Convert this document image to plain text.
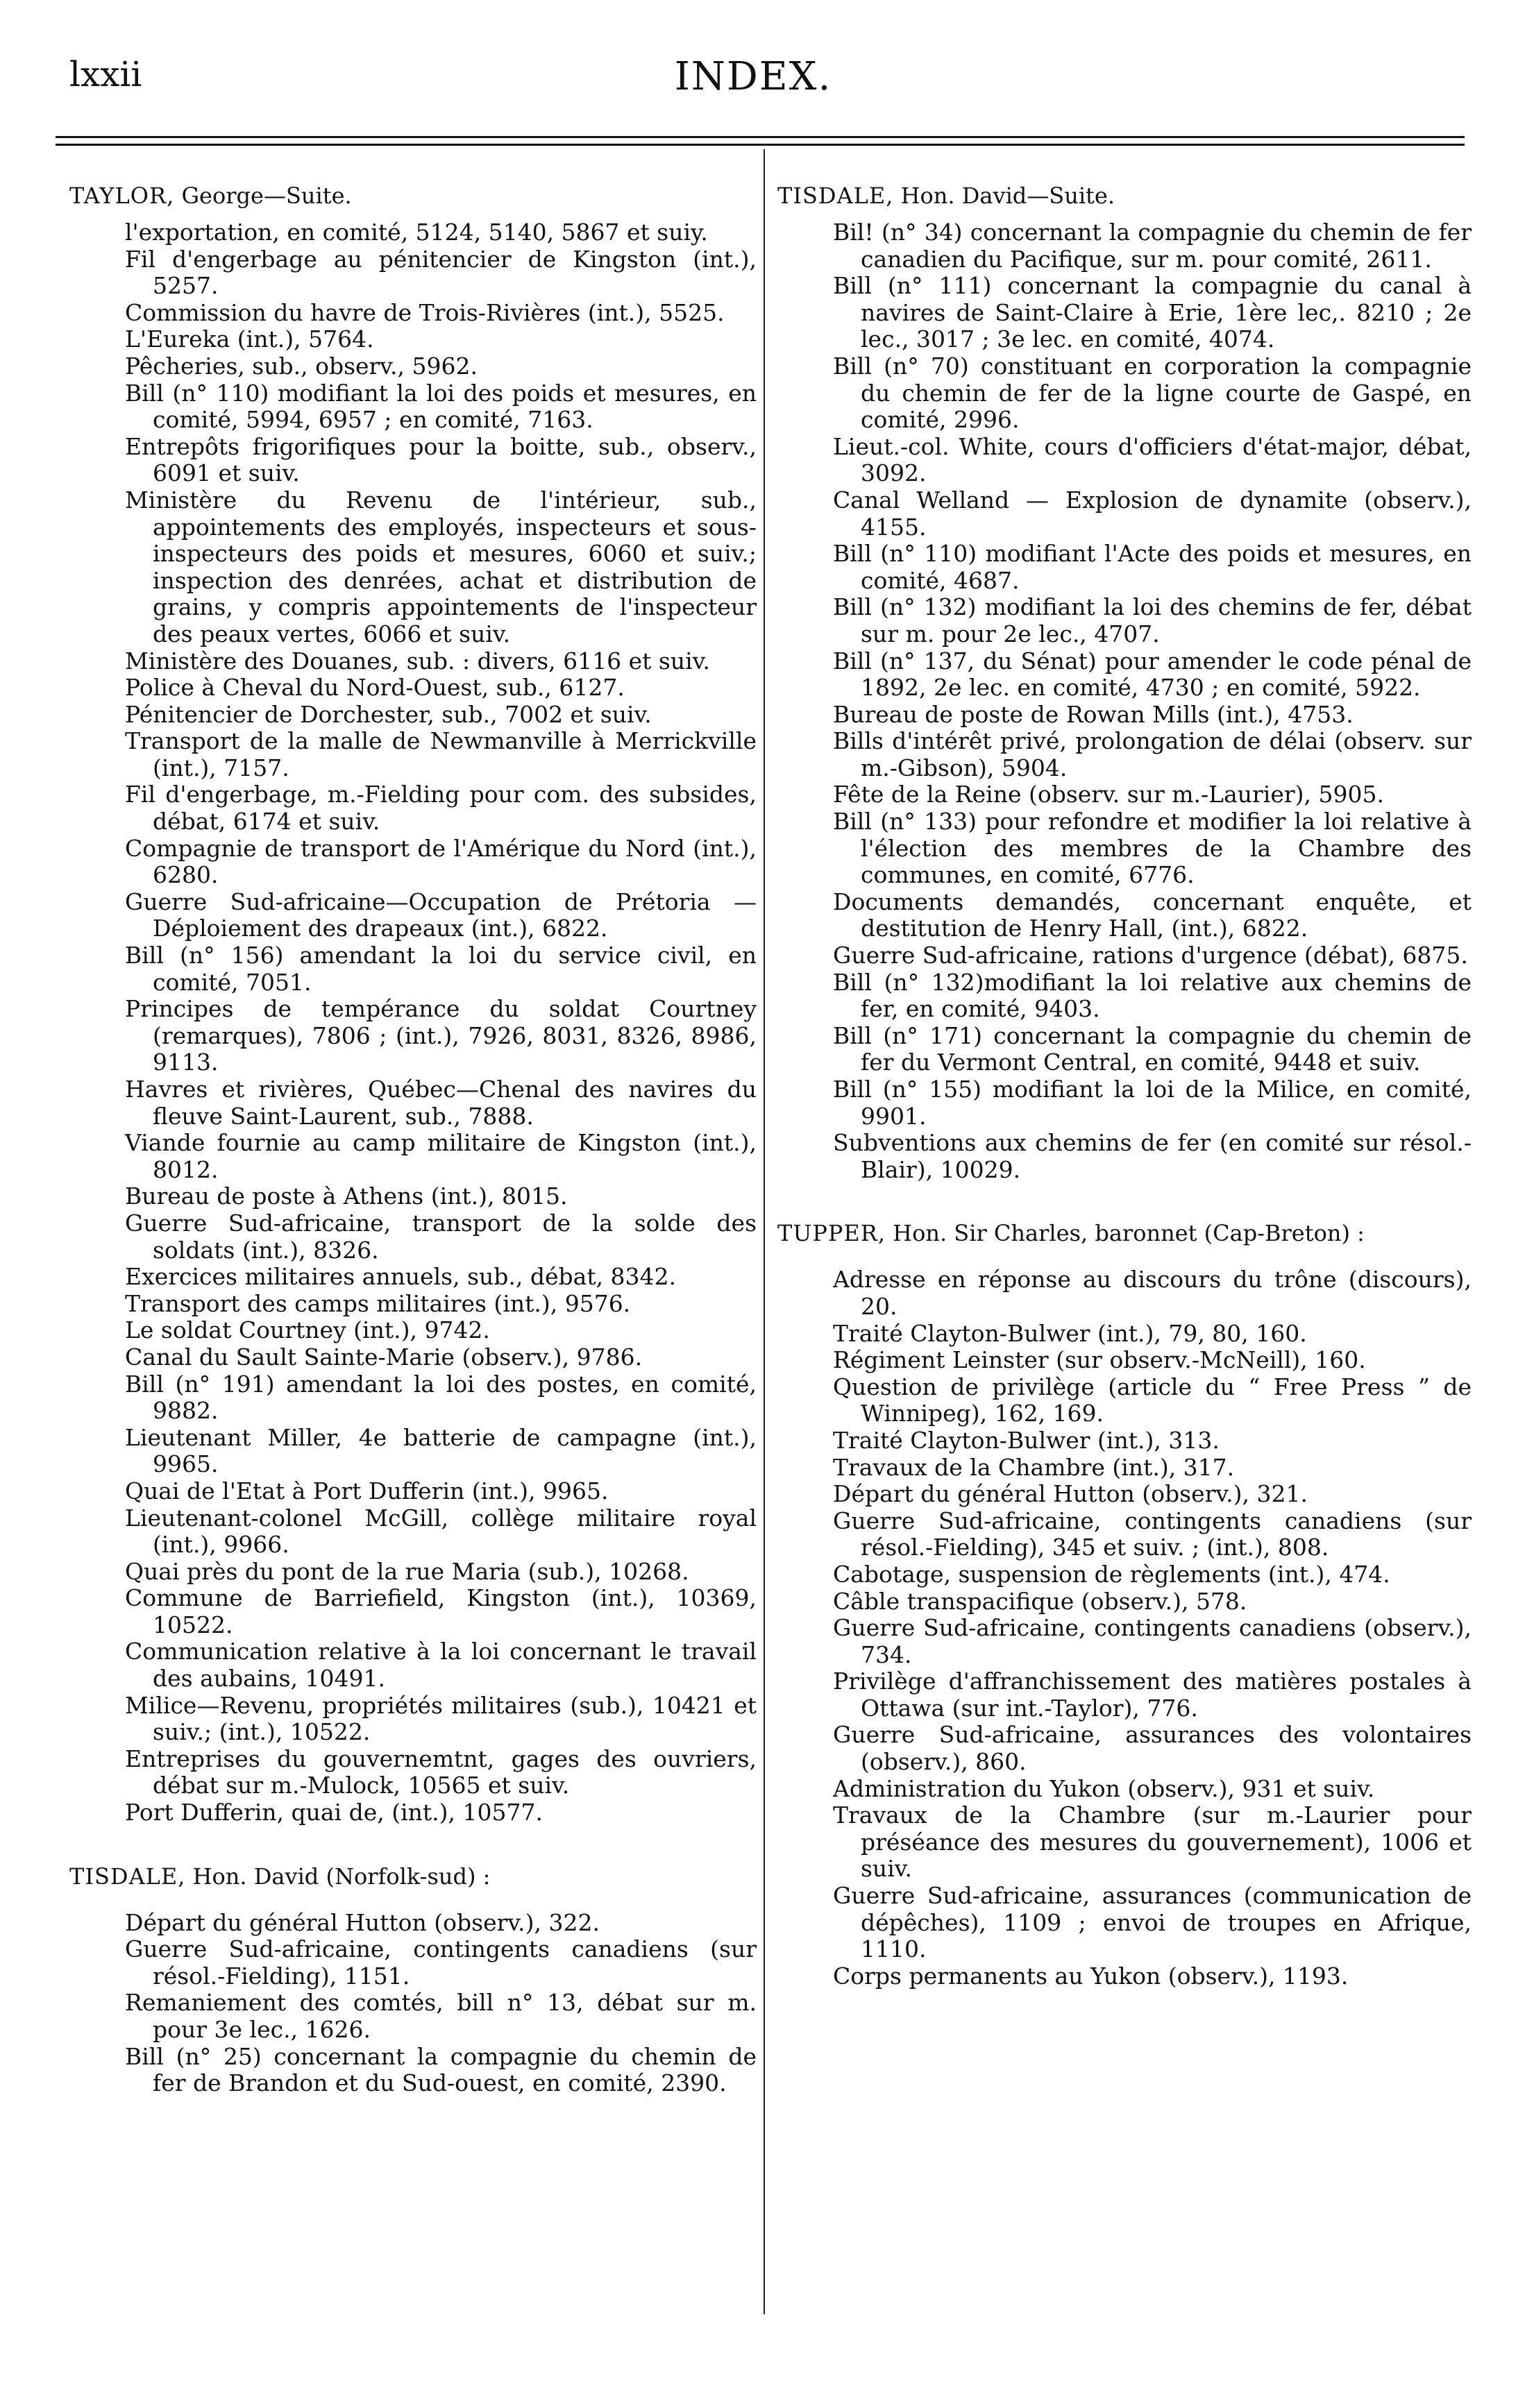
lxxii	INDEX.
TAYLOR, George—Suite.
l'exportation, en comité, 5124, 5140, 5867 et suiy.
Fil d'engerbage au pénitencier de Kingston (int.), 5257.
Commission du havre de Trois-Rivières (int.), 5525.
L'Eureka (int.), 5764.
Pêcheries, sub., observ., 5962.
Bill (n° 110) modifiant la loi des poids et mesures, en comité, 5994, 6957 ; en comité, 7163.
Entrepôts frigorifiques pour la boitte, sub., observ., 6091 et suiv.
Ministère du Revenu de l'intérieur, sub., appointements des employés, inspecteurs et sous-inspecteurs des poids et mesures, 6060 et suiv.; inspection des denrées, achat et distribution de grains, y compris appointements de l'inspecteur des peaux vertes, 6066 et suiv.
Ministère des Douanes, sub. : divers, 6116 et suiv.
Police à Cheval du Nord-Ouest, sub., 6127.
Pénitencier de Dorchester, sub., 7002 et suiv.
Transport de la malle de Newmanville à Merrickville (int.), 7157.
Fil d'engerbage, m.-Fielding pour com. des subsides, débat, 6174 et suiv.
Compagnie de transport de l'Amérique du Nord (int.), 6280.
Guerre Sud-africaine—Occupation de Prétoria —Déploiement des drapeaux (int.), 6822.
Bill (n° 156) amendant la loi du service civil, en comité, 7051.
Principes de tempérance du soldat Courtney (remarques), 7806 ; (int.), 7926, 8031, 8326, 8986, 9113.
Havres et rivières, Québec—Chenal des navires du fleuve Saint-Laurent, sub., 7888.
Viande fournie au camp militaire de Kingston (int.), 8012.
Bureau de poste à Athens (int.), 8015.
Guerre Sud-africaine, transport de la solde des soldats (int.), 8326.
Exercices militaires annuels, sub., débat, 8342.
Transport des camps militaires (int.), 9576.
Le soldat Courtney (int.), 9742.
Canal du Sault Sainte-Marie (observ.), 9786.
Bill (n° 191) amendant la loi des postes, en comité, 9882.
Lieutenant Miller, 4e batterie de campagne (int.), 9965.
Quai de l'Etat à Port Dufferin (int.), 9965.
Lieutenant-colonel McGill, collège militaire royal (int.), 9966.
Quai près du pont de la rue Maria (sub.), 10268.
Commune de Barriefield, Kingston (int.), 10369, 10522.
Communication relative à la loi concernant le travail des aubains, 10491.
Milice—Revenu, propriétés militaires (sub.), 10421 et suiv.; (int.), 10522.
Entreprises du gouvernemtnt, gages des ouvriers, débat sur m.-Mulock, 10565 et suiv.
Port Dufferin, quai de, (int.), 10577.
TISDALE, Hon. David (Norfolk-sud) :
Départ du général Hutton (observ.), 322.
Guerre Sud-africaine, contingents canadiens (sur résol.-Fielding), 1151.
Remaniement des comtés, bill n° 13, débat sur m. pour 3e lec., 1626.
Bill (n° 25) concernant la compagnie du chemin de fer de Brandon et du Sud-ouest, en comité, 2390.
TISDALE, Hon. David—Suite.
Bil! (n° 34) concernant la compagnie du chemin de fer canadien du Pacifique, sur m. pour comité, 2611.
Bill (n° 111) concernant la compagnie du canal à navires de Saint-Claire à Erie, 1ère lec,. 8210 ; 2e lec., 3017 ; 3e lec. en comité, 4074.
Bill (n° 70) constituant en corporation la compagnie du chemin de fer de la ligne courte de Gaspé, en comité, 2996.
Lieut.-col. White, cours d'officiers d'état-major, débat, 3092.
Canal Welland — Explosion de dynamite (observ.), 4155.
Bill (n° 110) modifiant l'Acte des poids et mesures, en comité, 4687.
Bill (n° 132) modifiant la loi des chemins de fer, débat sur m. pour 2e lec., 4707.
Bill (n° 137, du Sénat) pour amender le code pénal de 1892, 2e lec. en comité, 4730 ; en comité, 5922.
Bureau de poste de Rowan Mills (int.), 4753.
Bills d'intérêt privé, prolongation de délai (observ. sur m.-Gibson), 5904.
Fête de la Reine (observ. sur m.-Laurier), 5905.
Bill (n° 133) pour refondre et modifier la loi relative à l'élection des membres de la Chambre des communes, en comité, 6776.
Documents demandés, concernant enquête, et destitution de Henry Hall, (int.), 6822.
Guerre Sud-africaine, rations d'urgence (débat), 6875.
Bill (n° 132)modifiant la loi relative aux chemins de fer, en comité, 9403.
Bill (n° 171) concernant la compagnie du chemin de fer du Vermont Central, en comité, 9448 et suiv.
Bill (n° 155) modifiant la loi de la Milice, en comité, 9901.
Subventions aux chemins de fer (en comité sur résol.-Blair), 10029.
TUPPER, Hon. Sir Charles, baronnet (Cap-Breton) :
Adresse en réponse au discours du trône (discours), 20.
Traité Clayton-Bulwer (int.), 79, 80, 160.
Régiment Leinster (sur observ.-McNeill), 160.
Question de privilège (article du “ Free Press ” de Winnipeg), 162, 169.
Traité Clayton-Bulwer (int.), 313.
Travaux de la Chambre (int.), 317.
Départ du général Hutton (observ.), 321.
Guerre Sud-africaine, contingents canadiens (sur résol.-Fielding), 345 et suiv. ; (int.), 808.
Cabotage, suspension de règlements (int.), 474.
Câble transpacifique (observ.), 578.
Guerre Sud-africaine, contingents canadiens (observ.), 734.
Privilège d'affranchissement des matières postales à Ottawa (sur int.-Taylor), 776.
Guerre Sud-africaine, assurances des volontaires (observ.), 860.
Administration du Yukon (observ.), 931 et suiv.
Travaux de la Chambre (sur m.-Laurier pour préséance des mesures du gouvernement), 1006 et suiv.
Guerre Sud-africaine, assurances (communication de dépêches), 1109 ; envoi de troupes en Afrique, 1110.
Corps permanents au Yukon (observ.), 1193.
